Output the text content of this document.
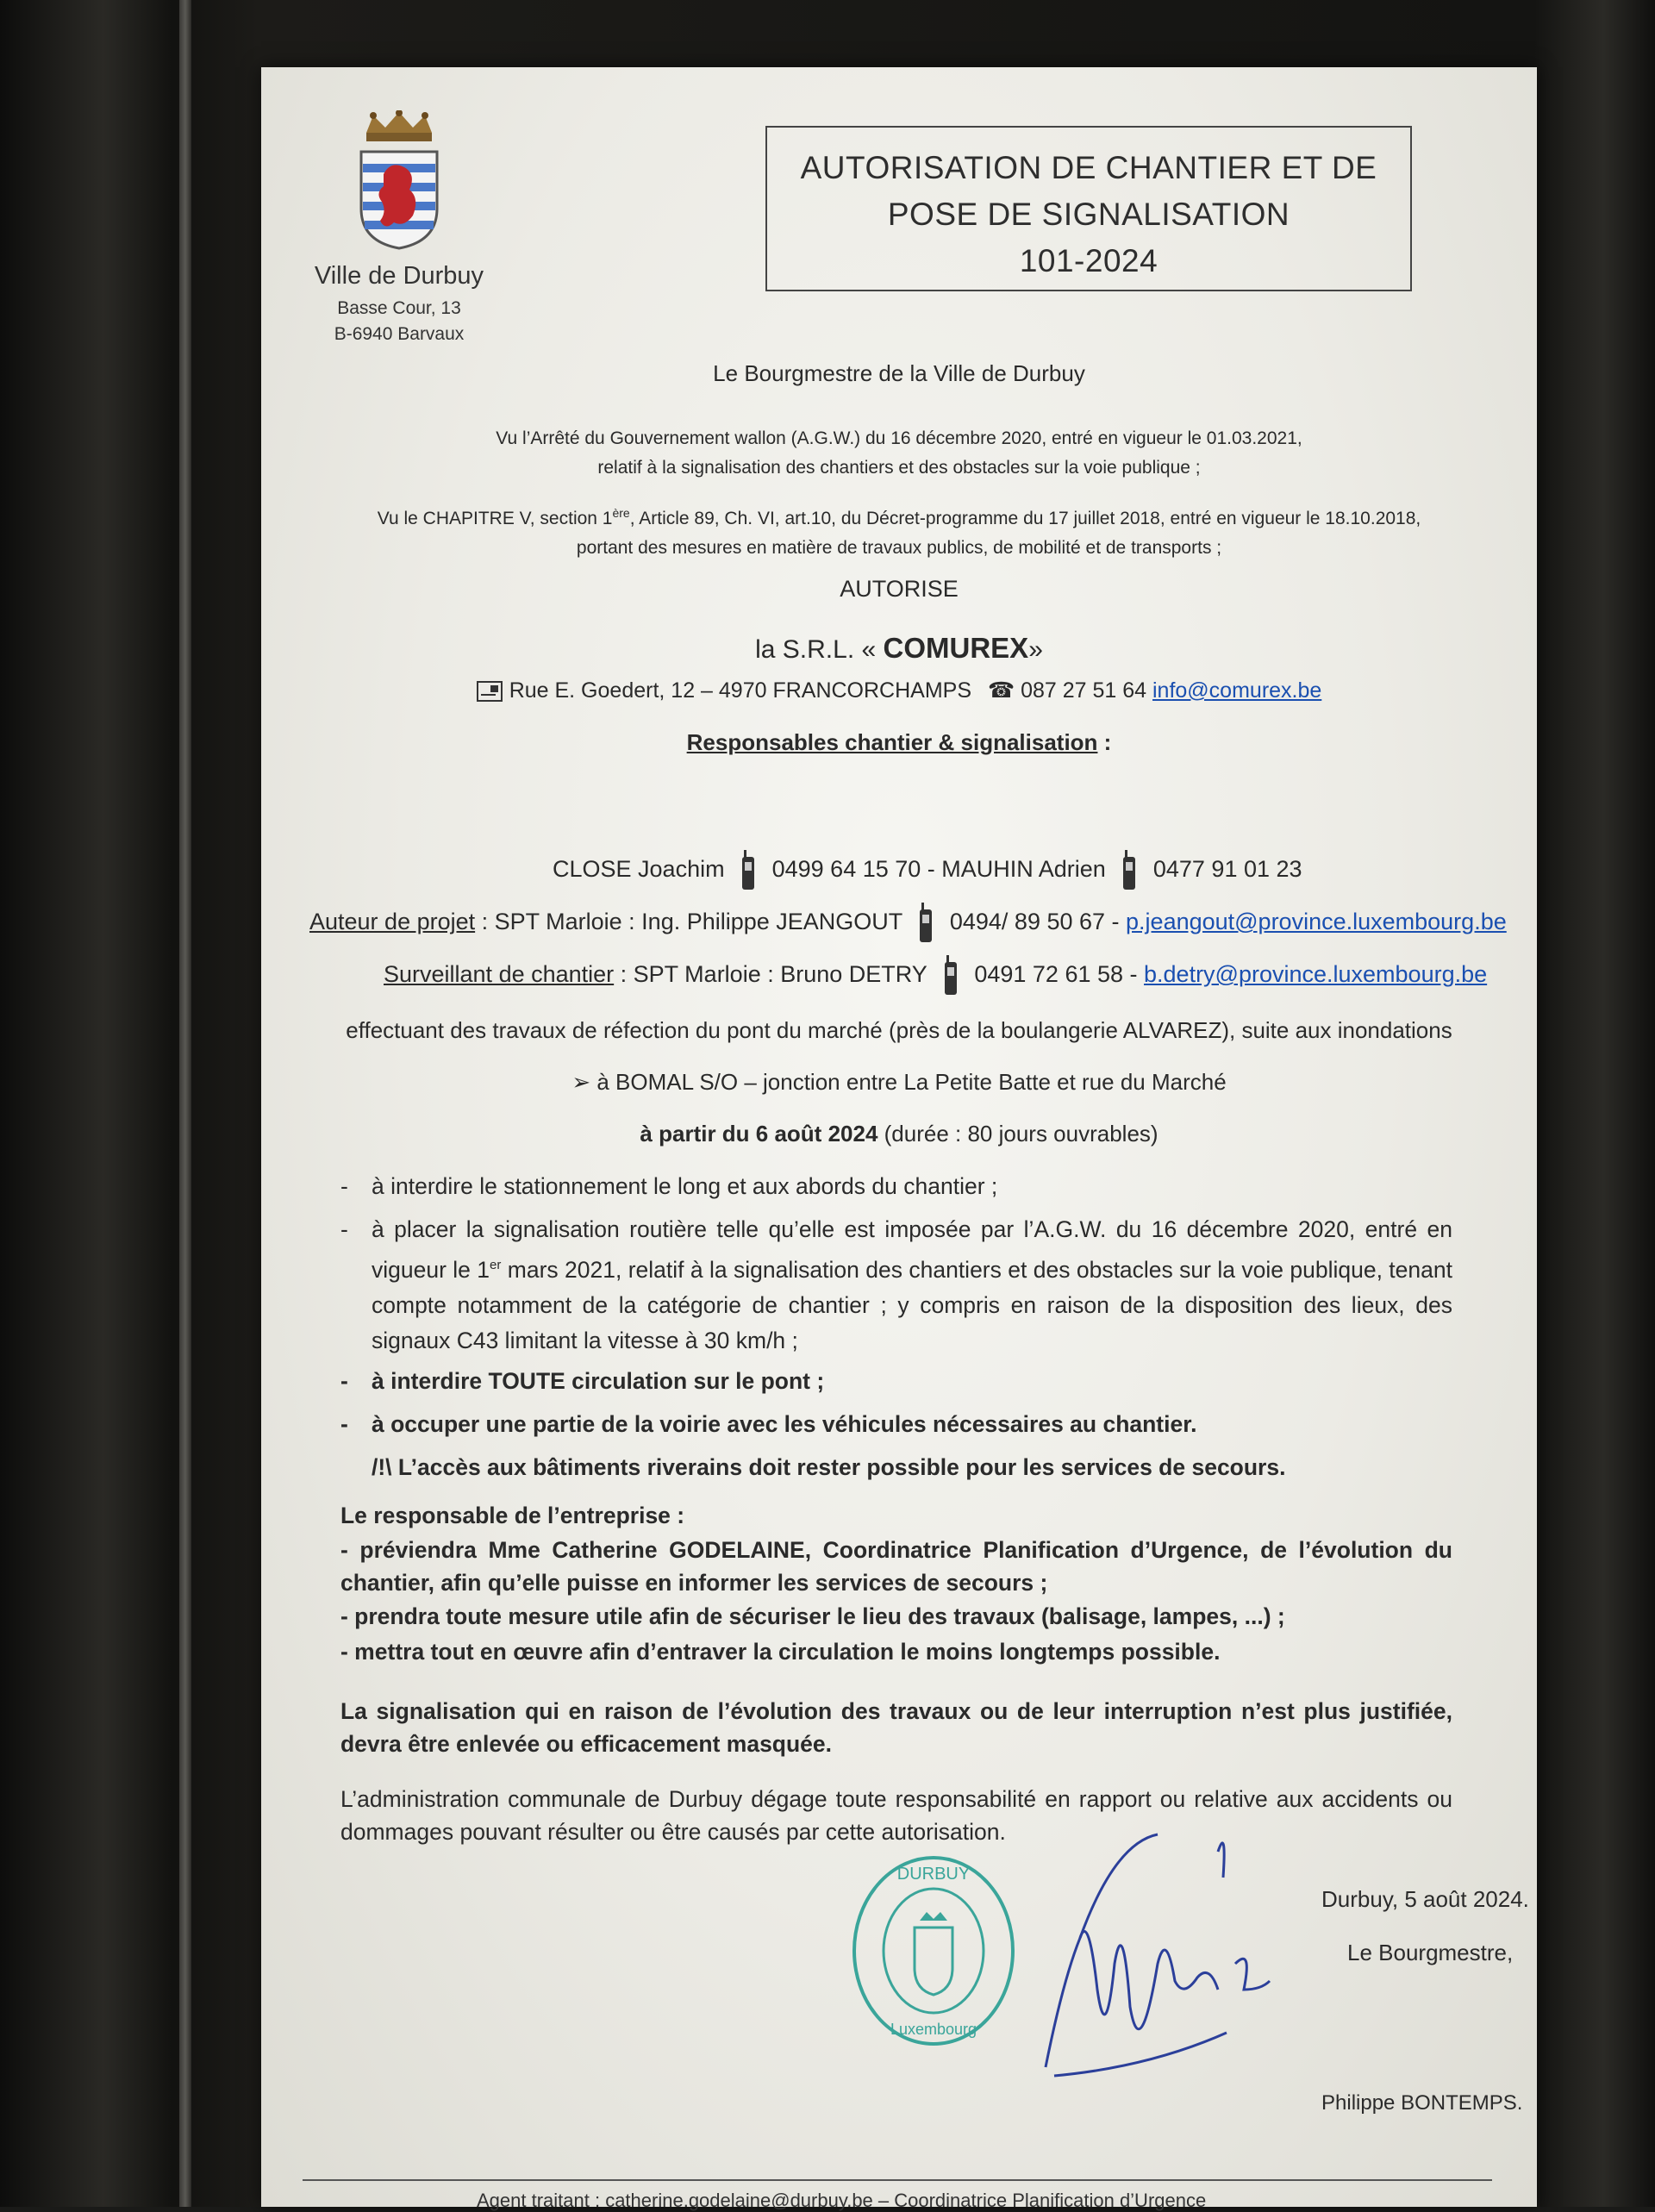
Ville de Durbuy
Basse Cour, 13
B-6940 Barvaux
AUTORISATION DE CHANTIER ET DE
POSE DE SIGNALISATION
101-2024
Le Bourgmestre de la Ville de Durbuy
Vu l’Arrêté du Gouvernement wallon (A.G.W.) du 16 décembre 2020, entré en vigueur le 01.03.2021,
relatif à la signalisation des chantiers et des obstacles sur la voie publique ;
Vu le CHAPITRE V, section 1ère, Article 89, Ch. VI, art.10, du Décret-programme du 17 juillet 2018, entré en vigueur le 18.10.2018,
portant des mesures en matière de travaux publics, de mobilité et de transports ;
AUTORISE
la S.R.L. « COMUREX»
Rue E. Goedert, 12 – 4970 FRANCORCHAMPS ☎ 087 27 51 64 info@comurex.be
Responsables chantier & signalisation :
CLOSE Joachim 0499 64 15 70 - MAUHIN Adrien 0477 91 01 23
Auteur de projet : SPT Marloie : Ing. Philippe JEANGOUT 0494/ 89 50 67 - p.jeangout@province.luxembourg.be
Surveillant de chantier : SPT Marloie : Bruno DETRY 0491 72 61 58 - b.detry@province.luxembourg.be
effectuant des travaux de réfection du pont du marché (près de la boulangerie ALVAREZ), suite aux inondations
➢ à BOMAL S/O – jonction entre La Petite Batte et rue du Marché
à partir du 6 août 2024 (durée : 80 jours ouvrables)
- à interdire le stationnement le long et aux abords du chantier ;
- à placer la signalisation routière telle qu’elle est imposée par l’A.G.W. du 16 décembre 2020, entré en vigueur le 1er mars 2021, relatif à la signalisation des chantiers et des obstacles sur la voie publique, tenant compte notamment de la catégorie de chantier ; y compris en raison de la disposition des lieux, des signaux C43 limitant la vitesse à 30 km/h ;
- à interdire TOUTE circulation sur le pont ;
- à occuper une partie de la voirie avec les véhicules nécessaires au chantier.
/!\ L’accès aux bâtiments riverains doit rester possible pour les services de secours.
Le responsable de l’entreprise :
- préviendra Mme Catherine GODELAINE, Coordinatrice Planification d’Urgence, de l’évolution du chantier, afin qu’elle puisse en informer les services de secours ;
- prendra toute mesure utile afin de sécuriser le lieu des travaux (balisage, lampes, ...) ;
- mettra tout en œuvre afin d’entraver la circulation le moins longtemps possible.
La signalisation qui en raison de l’évolution des travaux ou de leur interruption n’est plus justifiée, devra être enlevée ou efficacement masquée.
L’administration communale de Durbuy dégage toute responsabilité en rapport ou relative aux accidents ou dommages pouvant résulter ou être causés par cette autorisation.
DURBUY
Luxembourg
Durbuy, 5 août 2024.
Le Bourgmestre,
Philippe BONTEMPS.
Agent traitant : catherine.godelaine@durbuy.be – Coordinatrice Planification d’Urgence
